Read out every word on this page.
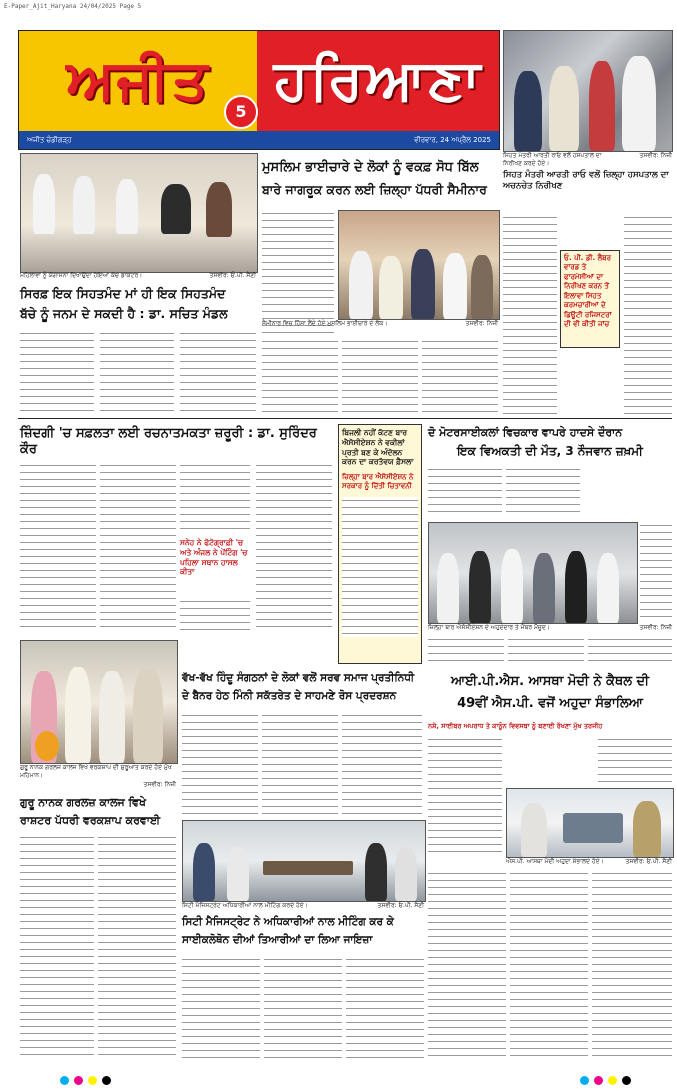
E-Paper_Ajit_Haryana 24/04/2025 Page 5
ਅਜੀਤ	ਹਰਿਆਣਾ
ਅਜੀਤ ਚੰਡੀਗੜ੍ਹ	ਵੀਰਵਾਰ, 24 ਅਪ੍ਰੈਲ 2025
5
ਸਿਹਤ ਮੰਤਰੀ ਆਰਤੀ ਰਾਓ ਵਲੋਂ ਹਸਪਤਾਲ ਦਾ ਨਿਰੀਖਣ ਕਰਦੇ ਹੋਏ।
ਤਸਵੀਰ: ਨਿਜ਼ੀ
ਸਿਹਤ ਮੰਤਰੀ ਆਰਤੀ ਰਾਓ ਵਲੋਂ ਜ਼ਿਲ੍ਹਾ ਹਸਪਤਾਲ ਦਾ ਅਚਨਚੇਤ ਨਿਰੀਖਣ
ਮੁਸਲਿਮ ਭਾਈਚਾਰੇ ਦੇ ਲੋਕਾਂ ਨੂੰ ਵਕਫ਼ ਸੋਧ ਬਿੱਲ
ਬਾਰੇ ਜਾਗਰੂਕ ਕਰਨ ਲਈ ਜ਼ਿਲ੍ਹਾ ਪੱਧਰੀ ਸੈਮੀਨਾਰ
ਮਹਿਲਾਵਾਂ ਨੂੰ ਯੋਗਾਸਨਾਂ ਦਿਖਾਉਂਦਾ ਹੋਇਆ ਕੋਚ ਡਾਕਟਰ।	ਤਸਵੀਰ: ਓ.ਪੀ. ਸੈਣੀ
ਸਿਰਫ਼ ਇਕ ਸਿਹਤਮੰਦ ਮਾਂ ਹੀ ਇਕ ਸਿਹਤਮੰਦ
ਬੱਚੇ ਨੂੰ ਜਨਮ ਦੇ ਸਕਦੀ ਹੈ : ਡਾ. ਸਚਿਤ ਮੰਡਲ
ਸੈਮੀਨਾਰ ਵਿਚ ਹਿੱਸਾ ਲੈਂਦੇ ਹੋਏ ਮੁਸਲਿਮ ਭਾਈਚਾਰੇ ਦੇ ਲੋਕ।	ਤਸਵੀਰ: ਨਿਜ਼ੀ
ਓ. ਪੀ. ਡੀ. ਲੈਬਰ ਵਾਰਡ ਤੇ ਫਾਰਮੇਸੀਆਂ ਦਾ ਨਿਰੀਖਣ ਕਰਨ ਤੋਂ ਇਲਾਵਾ ਸਿਹਤ ਕਰਮਚਾਰੀਆਂ ਦੇ ਡਿਊਟੀ ਰਜਿਸਟਰਾਂ ਦੀ ਵੀ ਕੀਤੀ ਜਾਂਚ
ਜ਼ਿੰਦਗੀ 'ਚ ਸਫ਼ਲਤਾ ਲਈ ਰਚਨਾਤਮਕਤਾ ਜ਼ਰੂਰੀ : ਡਾ. ਸੁਰਿੰਦਰ ਕੌਰ
ਸਨੇਹ ਨੇ ਫੋਟੋਗ੍ਰਾਫ਼ੀ 'ਚ ਅਤੇ ਅੰਜਲ ਨੇ ਪੇਂਟਿੰਗ 'ਚ ਪਹਿਲਾ ਸਥਾਨ ਹਾਸਲ ਕੀਤਾ
ਬਿਜਲੀ ਨਹੀਂ ਕੱਟਣ ਬਾਰ ਐਸੋਸੀਏਸ਼ਨ ਨੇ ਵਕੀਲਾਂ ਪ੍ਰਤੀ ਬਣ ਕੇ ਅੰਦੋਲਨ ਕਰਨ ਦਾ ਕਰਤੱਵਯ ਫ਼ੈਸਲਾ
ਜ਼ਿਲ੍ਹਾ ਬਾਰ ਐਸੋਸੀਏਸ਼ਨ ਨੇ ਸਰਕਾਰ ਨੂੰ ਦਿੱਤੀ ਚਿਤਾਵਨੀ
ਦੋ ਮੋਟਰਸਾਈਕਲਾਂ ਵਿਚਕਾਰ ਵਾਪਰੇ ਹਾਦਸੇ ਦੌਰਾਨ
ਇਕ ਵਿਅਕਤੀ ਦੀ ਮੌਤ, 3 ਨੌਜਵਾਨ ਜ਼ਖ਼ਮੀ
ਜ਼ਿਲ੍ਹਾ ਬਾਰ ਐਸੋਸੀਏਸ਼ਨ ਦੇ ਅਹੁਦੇਦਾਰ ਤੇ ਮੈਂਬਰ ਮੌਜੂਦ।	ਤਸਵੀਰ: ਨਿਜ਼ੀ
ਗੁਰੂ ਨਾਨਕ ਗਰਲਜ਼ ਕਾਲਜ ਵਿਖੇ ਵਰਕਸ਼ਾਪ ਦੀ ਸ਼ੁਰੂਆਤ ਕਰਦੇ ਹੋਏ ਮੁੱਖ ਮਹਿਮਾਨ।
ਤਸਵੀਰ: ਨਿਜ਼ੀ
ਵੱਖ-ਵੱਖ ਹਿੰਦੂ ਸੰਗਠਨਾਂ ਦੇ ਲੋਕਾਂ ਵਲੋਂ ਸਰਵ ਸਮਾਜ ਪ੍ਰਤੀਨਿਧੀ
ਦੇ ਬੈਨਰ ਹੇਠ ਮਿੰਨੀ ਸਕੱਤਰੇਤ ਦੇ ਸਾਹਮਣੇ ਰੋਸ ਪ੍ਰਦਰਸ਼ਨ
ਆਈ.ਪੀ.ਐਸ. ਆਸਥਾ ਮੋਦੀ ਨੇ ਕੈਥਲ ਦੀ
49ਵੀਂ ਐਸ.ਪੀ. ਵਜੋਂ ਅਹੁਦਾ ਸੰਭਾਲਿਆ
ਨਸ਼ੇ, ਸਾਈਬਰ ਅਪਰਾਧ ਤੇ ਕਾਨੂੰਨ ਵਿਵਸਥਾ ਨੂੰ ਬਣਾਈ ਰੱਖਣਾ ਮੁੱਖ ਤਰਜੀਹ
ਐਸ.ਪੀ. ਆਸਥਾ ਮੋਦੀ ਅਹੁਦਾ ਸੰਭਾਲਦੇ ਹੋਏ।	ਤਸਵੀਰ: ਓ.ਪੀ. ਸੈਣੀ
ਗੁਰੂ ਨਾਨਕ ਗਰਲਜ਼ ਕਾਲਜ ਵਿਖੇ
ਰਾਸ਼ਟਰ ਪੱਧਰੀ ਵਰਕਸ਼ਾਪ ਕਰਵਾਈ
ਸਿਟੀ ਮੈਜਿਸਟ੍ਰੇਟ ਅਧਿਕਾਰੀਆਂ ਨਾਲ ਮੀਟਿੰਗ ਕਰਦੇ ਹੋਏ।	ਤਸਵੀਰ: ਓ.ਪੀ. ਸੈਣੀ
ਸਿਟੀ ਮੈਜਿਸਟ੍ਰੇਟ ਨੇ ਅਧਿਕਾਰੀਆਂ ਨਾਲ ਮੀਟਿੰਗ ਕਰ ਕੇ
ਸਾਈਕਲੋਥੋਨ ਦੀਆਂ ਤਿਆਰੀਆਂ ਦਾ ਲਿਆ ਜਾਇਜ਼ਾ
